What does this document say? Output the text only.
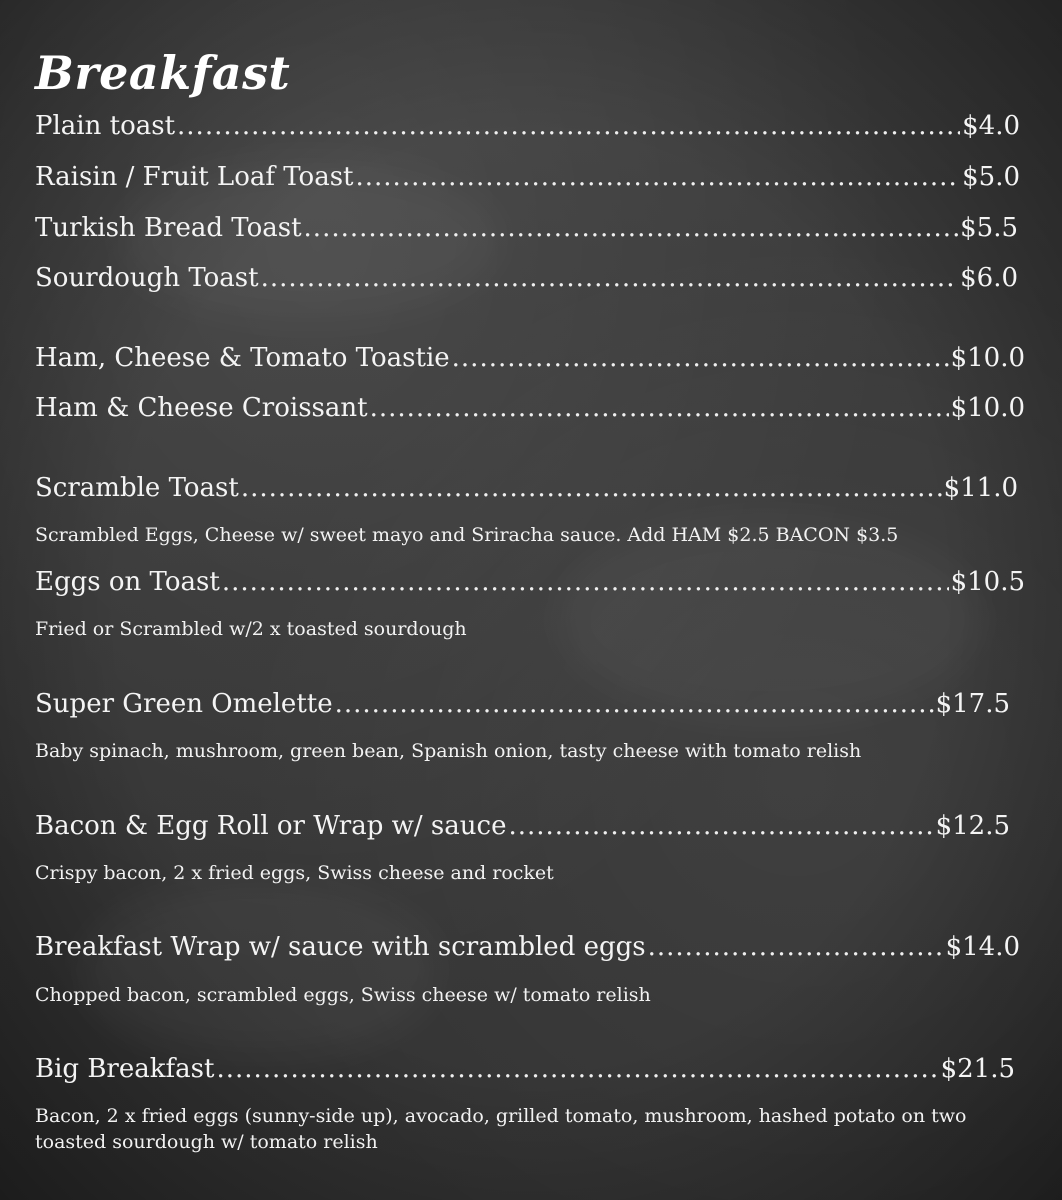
Breakfast
Plain toast .....	$4.0
Raisin / Fruit Loaf Toast .....	$5.0
Turkish Bread Toast .....	$5.5
Sourdough Toast .....	$6.0
Ham, Cheese & Tomato Toastie .....	$10.0
Ham & Cheese Croissant .....	$10.0
Scramble Toast .....	$11.0
Scrambled Eggs, Cheese w/ sweet mayo and Sriracha sauce. Add HAM $2.5 BACON $3.5
Eggs on Toast .....	$10.5
Fried or Scrambled w/2 x toasted sourdough
Super Green Omelette .....	$17.5
Baby spinach, mushroom, green bean, Spanish onion, tasty cheese with tomato relish
Bacon & Egg Roll or Wrap w/ sauce .....	$12.5
Crispy bacon, 2 x fried eggs, Swiss cheese and rocket
Breakfast Wrap w/ sauce with scrambled eggs .....	$14.0
Chopped bacon, scrambled eggs, Swiss cheese w/ tomato relish
Big Breakfast .....	$21.5
Bacon, 2 x fried eggs (sunny-side up), avocado, grilled tomato, mushroom, hashed potato on two toasted sourdough w/ tomato relish
